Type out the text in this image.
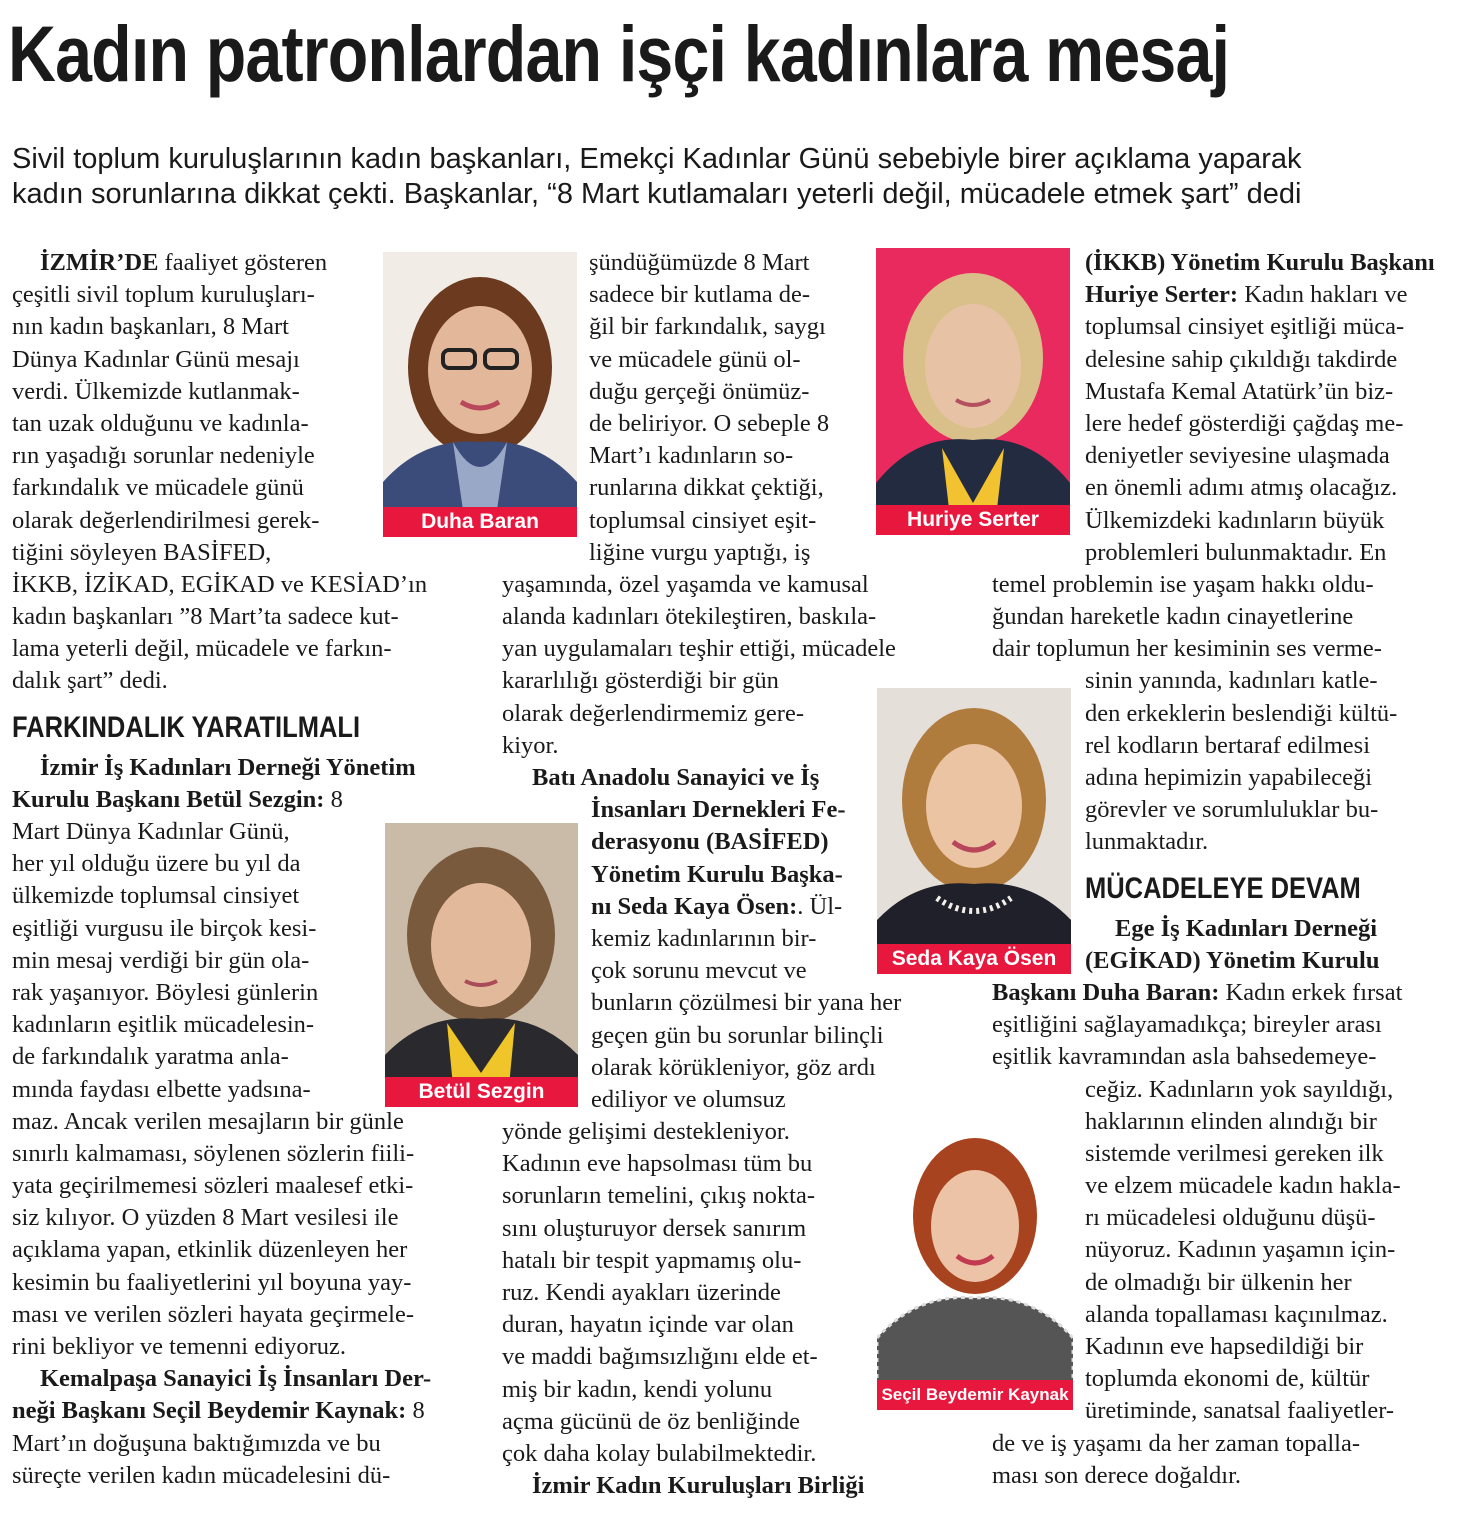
Kadın patronlardan işçi kadınlara mesaj
Sivil toplum kuruluşlarının kadın başkanları, Emekçi Kadınlar Günü sebebiyle birer açıklama yaparak
kadın sorunlarına dikkat çekti. Başkanlar, “8 Mart kutlamaları yeterli değil, mücadele etmek şart” dedi
Duha Baran	Huriye Serter
Betül Sezgin
Seda Kaya Ösen
Seçil Beydemir Kaynak
İZMİR’DE faaliyet gösteren
çeşitli sivil toplum kuruluşları-
nın kadın başkanları, 8 Mart
Dünya Kadınlar Günü mesajı
verdi. Ülkemizde kutlanmak-
tan uzak olduğunu ve kadınla-
rın yaşadığı sorunlar nedeniyle
farkındalık ve mücadele günü
olarak değerlendirilmesi gerek-
tiğini söyleyen BASİFED,
İKKB, İZİKAD, EGİKAD ve KESİAD’ın
kadın başkanları ”8 Mart’ta sadece kut-
lama yeterli değil, mücadele ve farkın-
dalık şart” dedi.
FARKINDALIK YARATILMALI
İzmir İş Kadınları Derneği Yönetim
Kurulu Başkanı Betül Sezgin: 8
Mart Dünya Kadınlar Günü,
her yıl olduğu üzere bu yıl da
ülkemizde toplumsal cinsiyet
eşitliği vurgusu ile birçok kesi-
min mesaj verdiği bir gün ola-
rak yaşanıyor. Böylesi günlerin
kadınların eşitlik mücadelesin-
de farkındalık yaratma anla-
mında faydası elbette yadsına-
maz. Ancak verilen mesajların bir günle
sınırlı kalmaması, söylenen sözlerin fiili-
yata geçirilmemesi sözleri maalesef etki-
siz kılıyor. O yüzden 8 Mart vesilesi ile
açıklama yapan, etkinlik düzenleyen her
kesimin bu faaliyetlerini yıl boyuna yay-
ması ve verilen sözleri hayata geçirmele-
rini bekliyor ve temenni ediyoruz.
Kemalpaşa Sanayici İş İnsanları Der-
neği Başkanı Seçil Beydemir Kaynak: 8
Mart’ın doğuşuna baktığımızda ve bu
süreçte verilen kadın mücadelesini dü-
şündüğümüzde 8 Mart
sadece bir kutlama de-
ğil bir farkındalık, saygı
ve mücadele günü ol-
duğu gerçeği önümüz-
de beliriyor. O sebeple 8
Mart’ı kadınların so-
runlarına dikkat çektiği,
toplumsal cinsiyet eşit-
liğine vurgu yaptığı, iş
yaşamında, özel yaşamda ve kamusal
alanda kadınları ötekileştiren, baskıla-
yan uygulamaları teşhir ettiği, mücadele
kararlılığı gösterdiği bir gün
olarak değerlendirmemiz gere-
kiyor.
Batı Anadolu Sanayici ve İş
İnsanları Dernekleri Fe-
derasyonu (BASİFED)
Yönetim Kurulu Başka-
nı Seda Kaya Ösen:. Ül-
kemiz kadınlarının bir-
çok sorunu mevcut ve
bunların çözülmesi bir yana her
geçen gün bu sorunlar bilinçli
olarak körükleniyor, göz ardı
ediliyor ve olumsuz
yönde gelişimi destekleniyor.
Kadının eve hapsolması tüm bu
sorunların temelini, çıkış nokta-
sını oluşturuyor dersek sanırım
hatalı bir tespit yapmamış olu-
ruz. Kendi ayakları üzerinde
duran, hayatın içinde var olan
ve maddi bağımsızlığını elde et-
miş bir kadın, kendi yolunu
açma gücünü de öz benliğinde
çok daha kolay bulabilmektedir.
İzmir Kadın Kuruluşları Birliği
(İKKB) Yönetim Kurulu Başkanı
Huriye Serter: Kadın hakları ve
toplumsal cinsiyet eşitliği müca-
delesine sahip çıkıldığı takdirde
Mustafa Kemal Atatürk’ün biz-
lere hedef gösterdiği çağdaş me-
deniyetler seviyesine ulaşmada
en önemli adımı atmış olacağız.
Ülkemizdeki kadınların büyük
problemleri bulunmaktadır. En
temel problemin ise yaşam hakkı oldu-
ğundan hareketle kadın cinayetlerine
dair toplumun her kesiminin ses verme-
sinin yanında, kadınları katle-
den erkeklerin beslendiği kültü-
rel kodların bertaraf edilmesi
adına hepimizin yapabileceği
görevler ve sorumluluklar bu-
lunmaktadır.
MÜCADELEYE DEVAM
Ege İş Kadınları Derneği
(EGİKAD) Yönetim Kurulu
Başkanı Duha Baran: Kadın erkek fırsat
eşitliğini sağlayamadıkça; bireyler arası
eşitlik kavramından asla bahsedemeye-
ceğiz. Kadınların yok sayıldığı,
haklarının elinden alındığı bir
sistemde verilmesi gereken ilk
ve elzem mücadele kadın hakla-
rı mücadelesi olduğunu düşü-
nüyoruz. Kadının yaşamın için-
de olmadığı bir ülkenin her
alanda topallaması kaçınılmaz.
Kadının eve hapsedildiği bir
toplumda ekonomi de, kültür
üretiminde, sanatsal faaliyetler-
de ve iş yaşamı da her zaman topalla-
ması son derece doğaldır.
